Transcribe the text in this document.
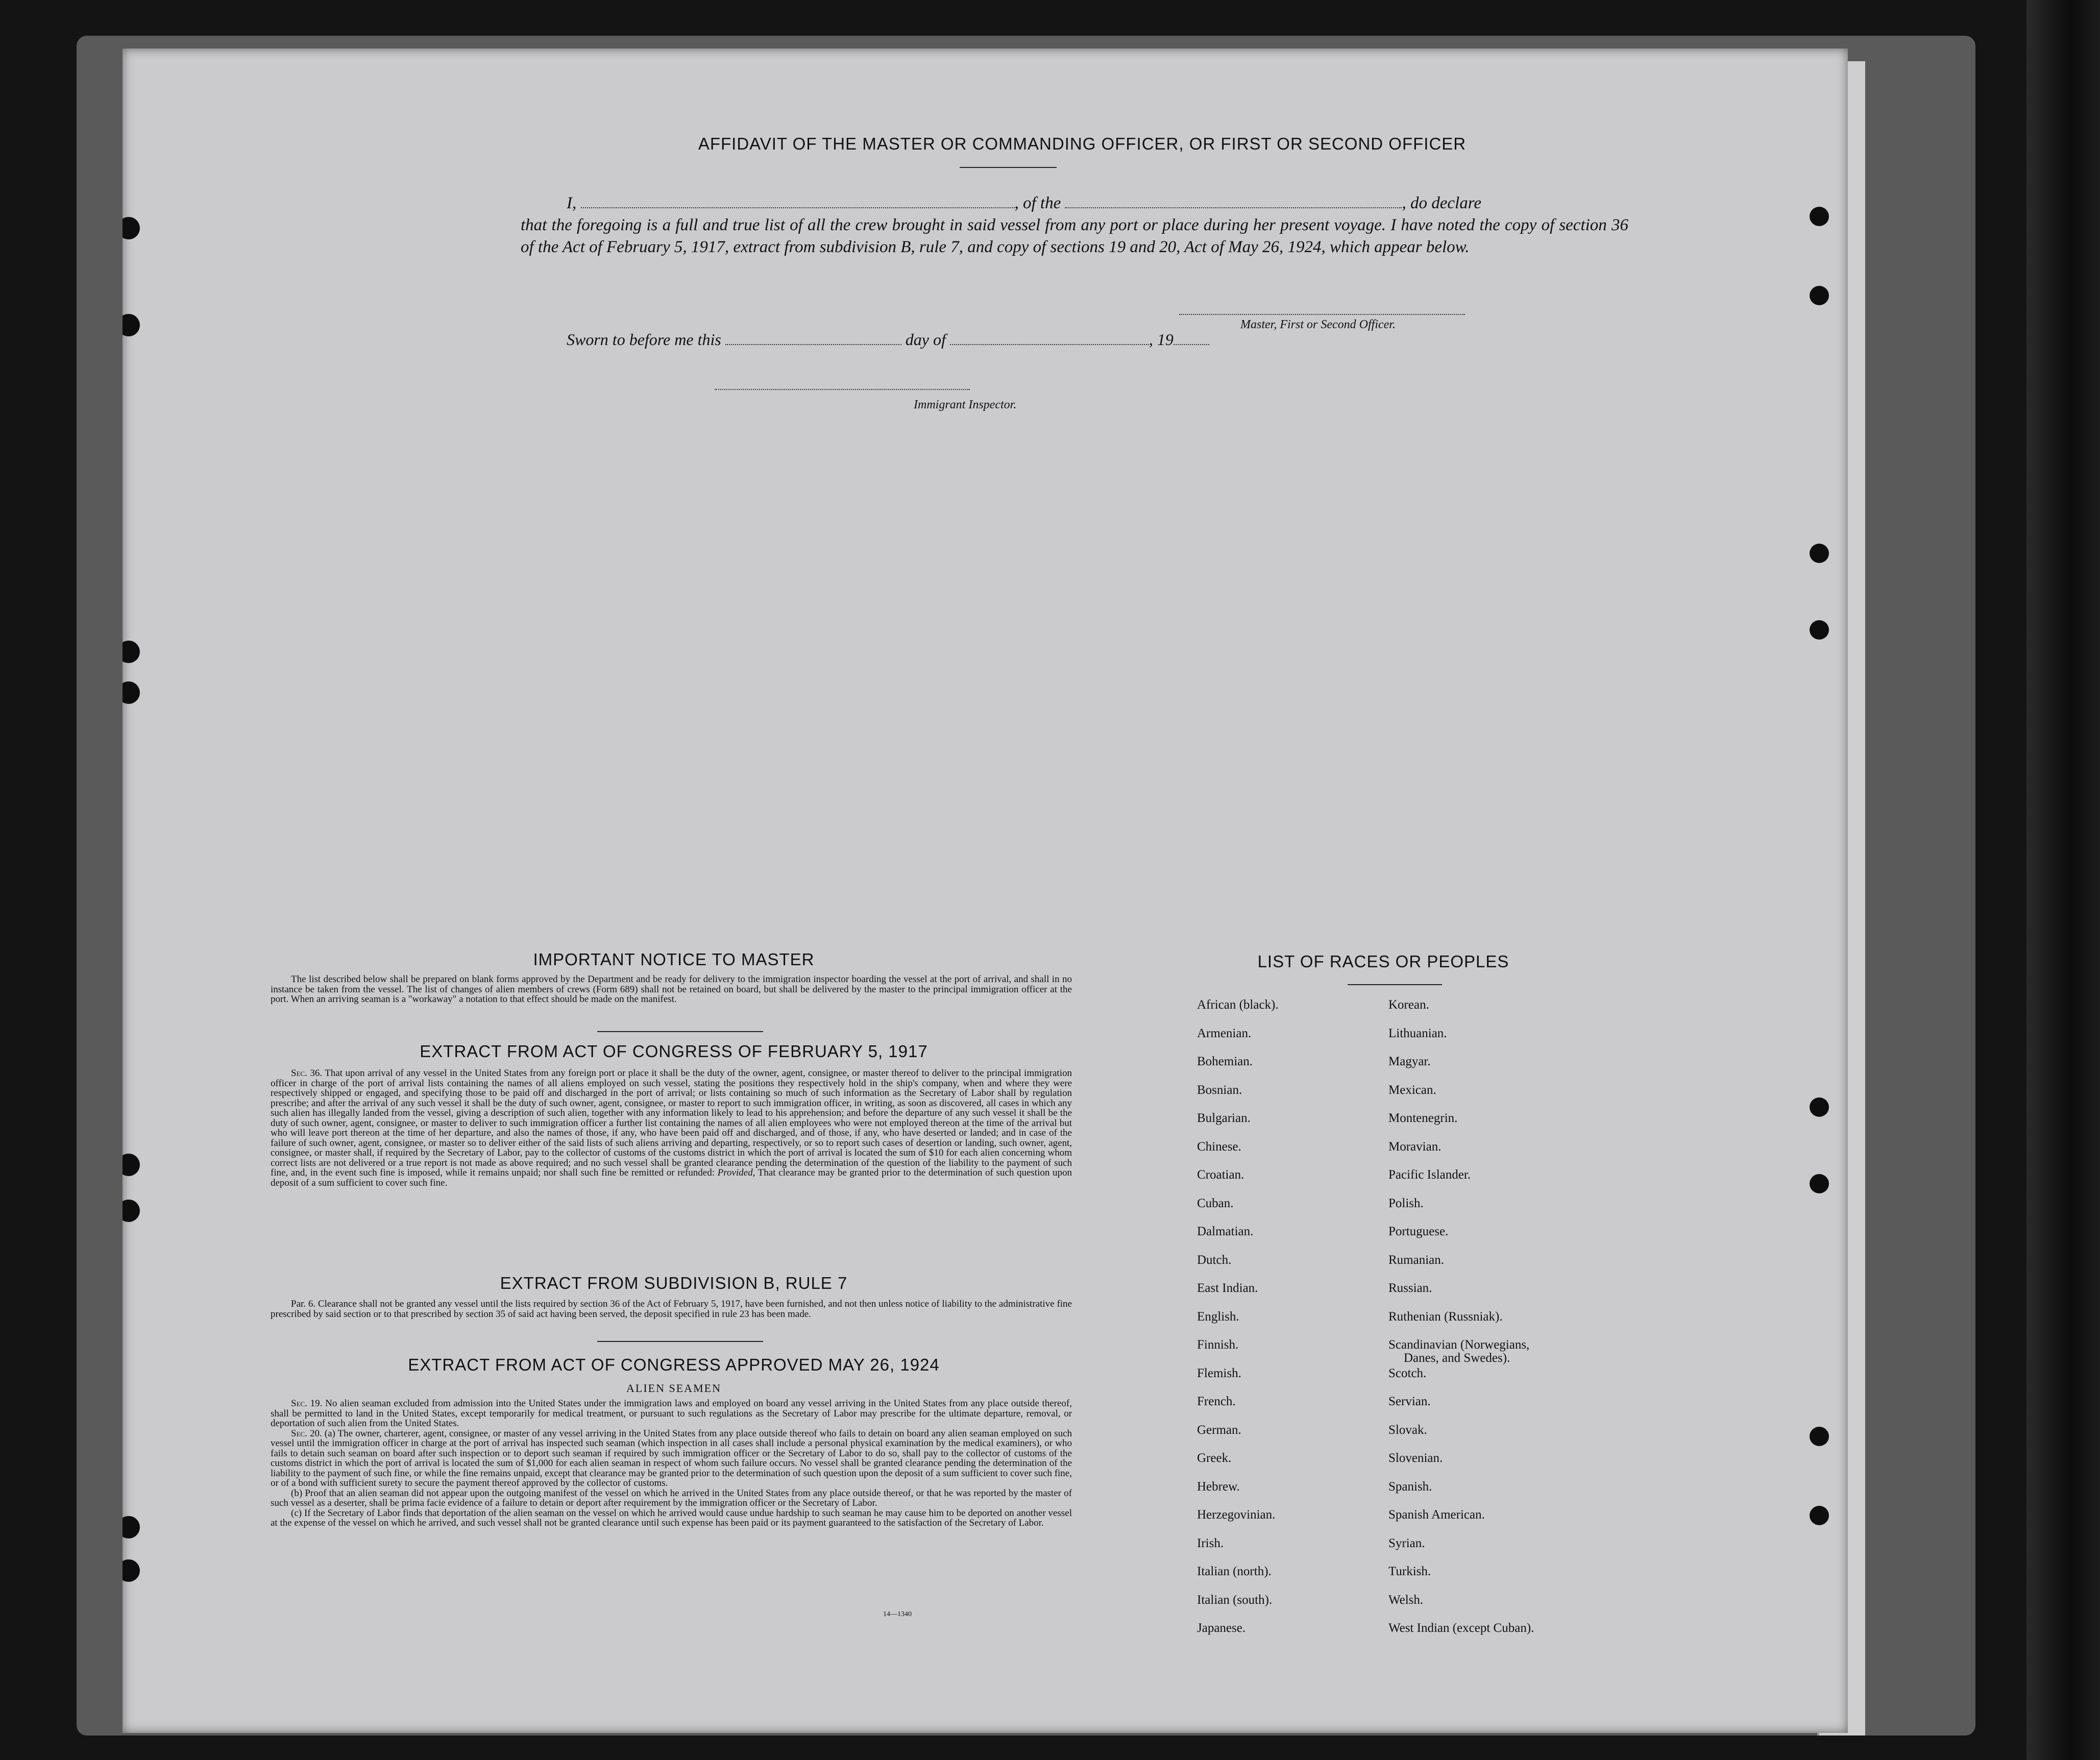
AFFIDAVIT OF THE MASTER OR COMMANDING OFFICER, OR FIRST OR SECOND OFFICER
I,	, of the	, do declare
that the foregoing is a full and true list of all the crew brought in said vessel from any port or place during her present voyage. I have noted the copy of section 36 of the Act of February 5, 1917, extract from subdivision B, rule 7, and copy of sections 19 and 20, Act of May 26, 1924, which appear below.
Master, First or Second Officer.
Sworn to before me this	day of	, 19
Immigrant Inspector.
IMPORTANT NOTICE TO MASTER

The list described below shall be prepared on blank forms approved by the Department and be ready for delivery to the immigration inspector boarding the vessel at the port of arrival, and shall in no instance be taken from the vessel. The list of changes of alien members of crews (Form 689) shall not be retained on board, but shall be delivered by the master to the principal immigration officer at the port. When an arriving seaman is a "workaway" a notation to that effect should be made on the manifest.

EXTRACT FROM ACT OF CONGRESS OF FEBRUARY 5, 1917

Sec. 36. That upon arrival of any vessel in the United States from any foreign port or place it shall be the duty of the owner, agent, consignee, or master thereof to deliver to the principal immigration officer in charge of the port of arrival lists containing the names of all aliens employed on such vessel, stating the positions they respectively hold in the ship's company, when and where they were respectively shipped or engaged, and specifying those to be paid off and discharged in the port of arrival; or lists containing so much of such information as the Secretary of Labor shall by regulation prescribe; and after the arrival of any such vessel it shall be the duty of such owner, agent, consignee, or master to report to such immigration officer, in writing, as soon as discovered, all cases in which any such alien has illegally landed from the vessel, giving a description of such alien, together with any information likely to lead to his apprehension; and before the departure of any such vessel it shall be the duty of such owner, agent, consignee, or master to deliver to such immigration officer a further list containing the names of all alien employees who were not employed thereon at the time of the arrival but who will leave port thereon at the time of her departure, and also the names of those, if any, who have been paid off and discharged, and of those, if any, who have deserted or landed; and in case of the failure of such owner, agent, consignee, or master so to deliver either of the said lists of such aliens arriving and departing, respectively, or so to report such cases of desertion or landing, such owner, agent, consignee, or master shall, if required by the Secretary of Labor, pay to the collector of customs of the customs district in which the port of arrival is located the sum of $10 for each alien concerning whom correct lists are not delivered or a true report is not made as above required; and no such vessel shall be granted clearance pending the determination of the question of the liability to the payment of such fine, and, in the event such fine is imposed, while it remains unpaid; nor shall such fine be remitted or refunded: Provided, That clearance may be granted prior to the determination of such question upon deposit of a sum sufficient to cover such fine.

EXTRACT FROM SUBDIVISION B, RULE 7

Par. 6. Clearance shall not be granted any vessel until the lists required by section 36 of the Act of February 5, 1917, have been furnished, and not then unless notice of liability to the administrative fine prescribed by said section or to that prescribed by section 35 of said act having been served, the deposit specified in rule 23 has been made.

EXTRACT FROM ACT OF CONGRESS APPROVED MAY 26, 1924
ALIEN SEAMEN

Sec. 19. No alien seaman excluded from admission into the United States under the immigration laws and employed on board any vessel arriving in the United States from any place outside thereof, shall be permitted to land in the United States, except temporarily for medical treatment, or pursuant to such regulations as the Secretary of Labor may prescribe for the ultimate departure, removal, or deportation of such alien from the United States.

Sec. 20. (a) The owner, charterer, agent, consignee, or master of any vessel arriving in the United States from any place outside thereof who fails to detain on board any alien seaman employed on such vessel until the immigration officer in charge at the port of arrival has inspected such seaman (which inspection in all cases shall include a personal physical examination by the medical examiners), or who fails to detain such seaman on board after such inspection or to deport such seaman if required by such immigration officer or the Secretary of Labor to do so, shall pay to the collector of customs of the customs district in which the port of arrival is located the sum of $1,000 for each alien seaman in respect of whom such failure occurs. No vessel shall be granted clearance pending the determination of the liability to the payment of such fine, or while the fine remains unpaid, except that clearance may be granted prior to the determination of such question upon the deposit of a sum sufficient to cover such fine, or of a bond with sufficient surety to secure the payment thereof approved by the collector of customs.

(b) Proof that an alien seaman did not appear upon the outgoing manifest of the vessel on which he arrived in the United States from any place outside thereof, or that he was reported by the master of such vessel as a deserter, shall be prima facie evidence of a failure to detain or deport after requirement by the immigration officer or the Secretary of Labor.

(c) If the Secretary of Labor finds that deportation of the alien seaman on the vessel on which he arrived would cause undue hardship to such seaman he may cause him to be deported on another vessel at the expense of the vessel on which he arrived, and such vessel shall not be granted clearance until such expense has been paid or its payment guaranteed to the satisfaction of the Secretary of Labor.

14—1340
LIST OF RACES OR PEOPLES
African (black).	Korean.
Armenian.	Lithuanian.
Bohemian.	Magyar.
Bosnian.	Mexican.
Bulgarian.	Montenegrin.
Chinese.	Moravian.
Croatian.	Pacific Islander.
Cuban.	Polish.
Dalmatian.	Portuguese.
Dutch.	Rumanian.
East Indian.	Russian.
English.	Ruthenian (Russniak).
Finnish.	Scandinavian (Norwegians,
Danes, and Swedes).
Flemish.	Scotch.
French.	Servian.
German.	Slovak.
Greek.	Slovenian.
Hebrew.	Spanish.
Herzegovinian.	Spanish American.
Irish.	Syrian.
Italian (north).	Turkish.
Italian (south).	Welsh.
Japanese.	West Indian (except Cuban).
